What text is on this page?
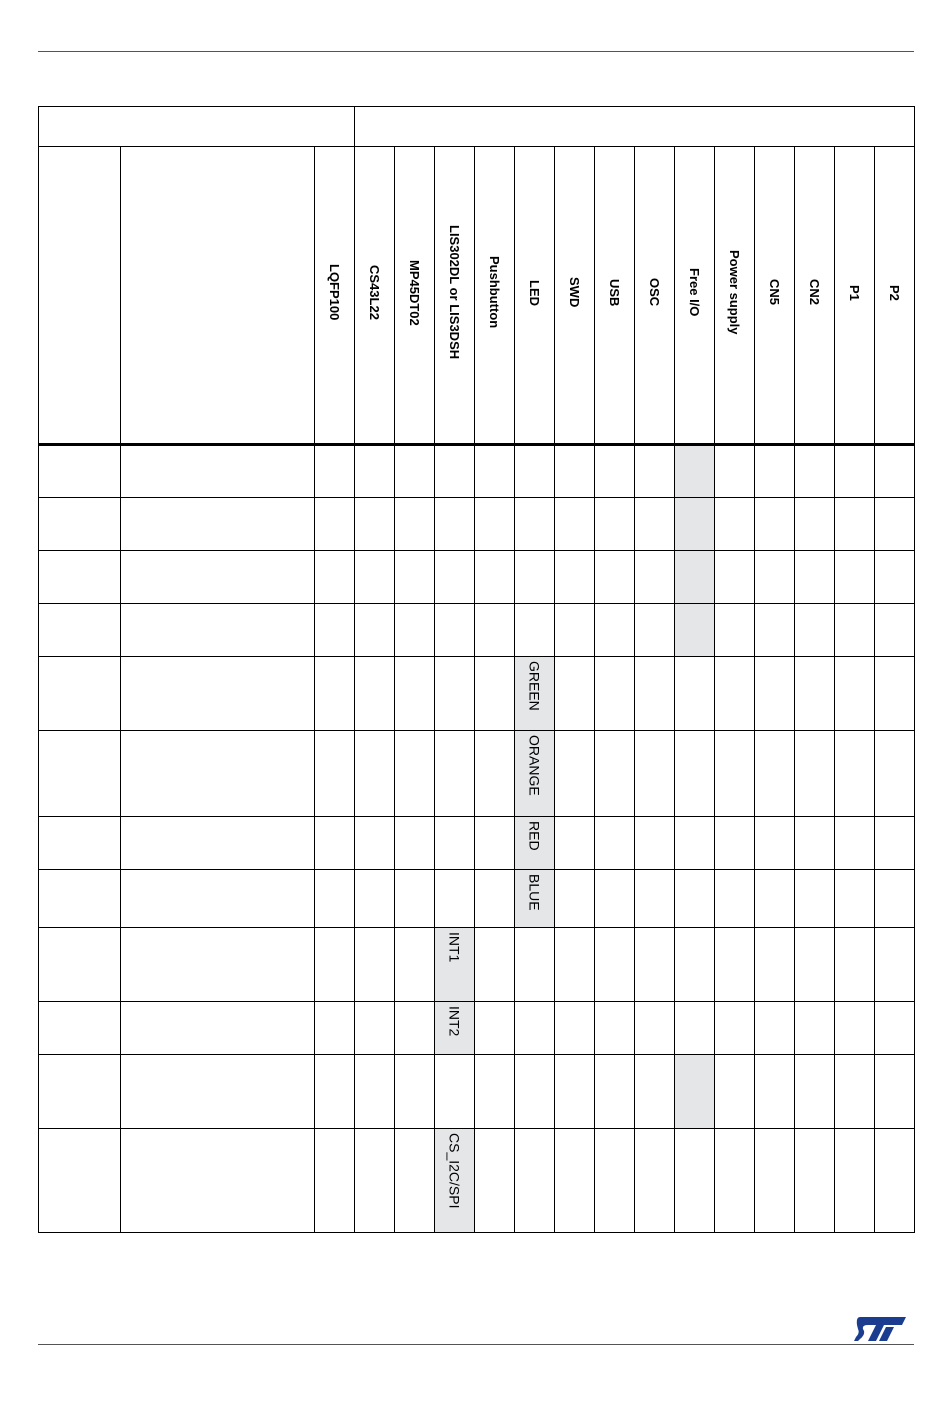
		LQFP100	CS43L22	MP45DT02	LIS302DL or LIS3DSH	Pushbutton	LED	SWD	USB	OSC	Free I/O	Power supply	CN5	CN2	P1	P2

							GREEN									
							ORANGE									
							RED									
							BLUE									
					INT1											
					INT2											

					CS_I2C/SPI											
